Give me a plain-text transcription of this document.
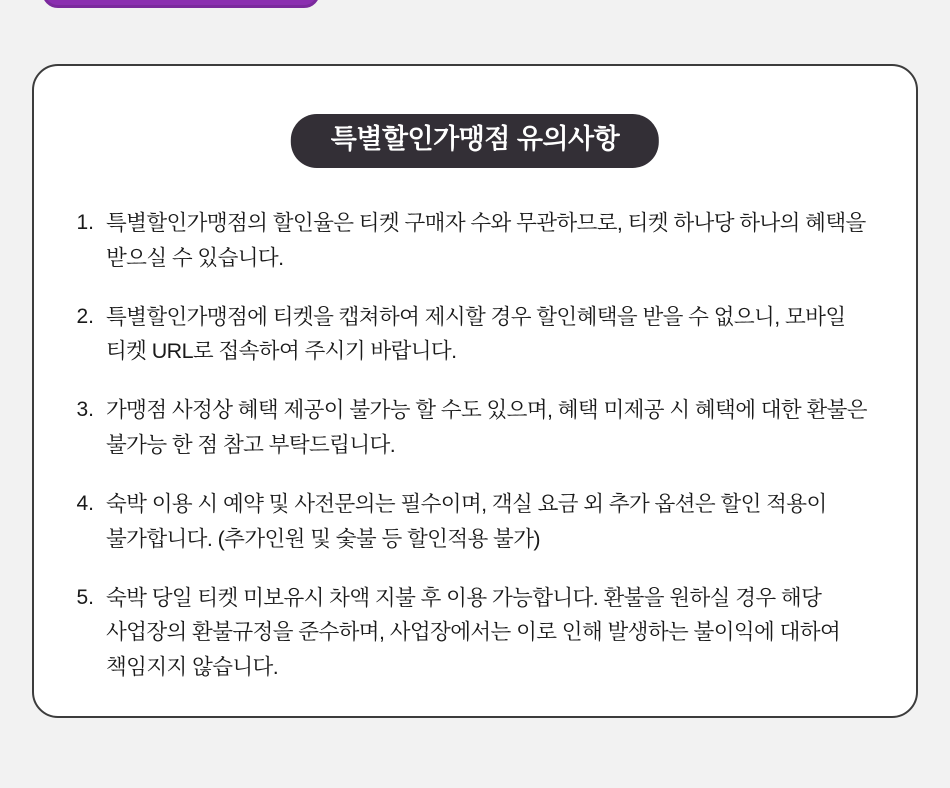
특별할인가맹점 유의사항
1. 특별할인가맹점의 할인율은 티켓 구매자 수와 무관하므로, 티켓 하나당 하나의 혜택을 받으실 수 있습니다.
2. 특별할인가맹점에 티켓을 캡쳐하여 제시할 경우 할인혜택을 받을 수 없으니, 모바일 티켓 URL로 접속하여 주시기 바랍니다.
3. 가맹점 사정상 혜택 제공이 불가능 할 수도 있으며, 혜택 미제공 시 혜택에 대한 환불은 불가능 한 점 참고 부탁드립니다.
4. 숙박 이용 시 예약 및 사전문의는 필수이며, 객실 요금 외 추가 옵션은 할인 적용이 불가합니다. (추가인원 및 숯불 등 할인적용 불가)
5. 숙박 당일 티켓 미보유시 차액 지불 후 이용 가능합니다. 환불을 원하실 경우 해당 사업장의 환불규정을 준수하며, 사업장에서는 이로 인해 발생하는 불이익에 대하여 책임지지 않습니다.
